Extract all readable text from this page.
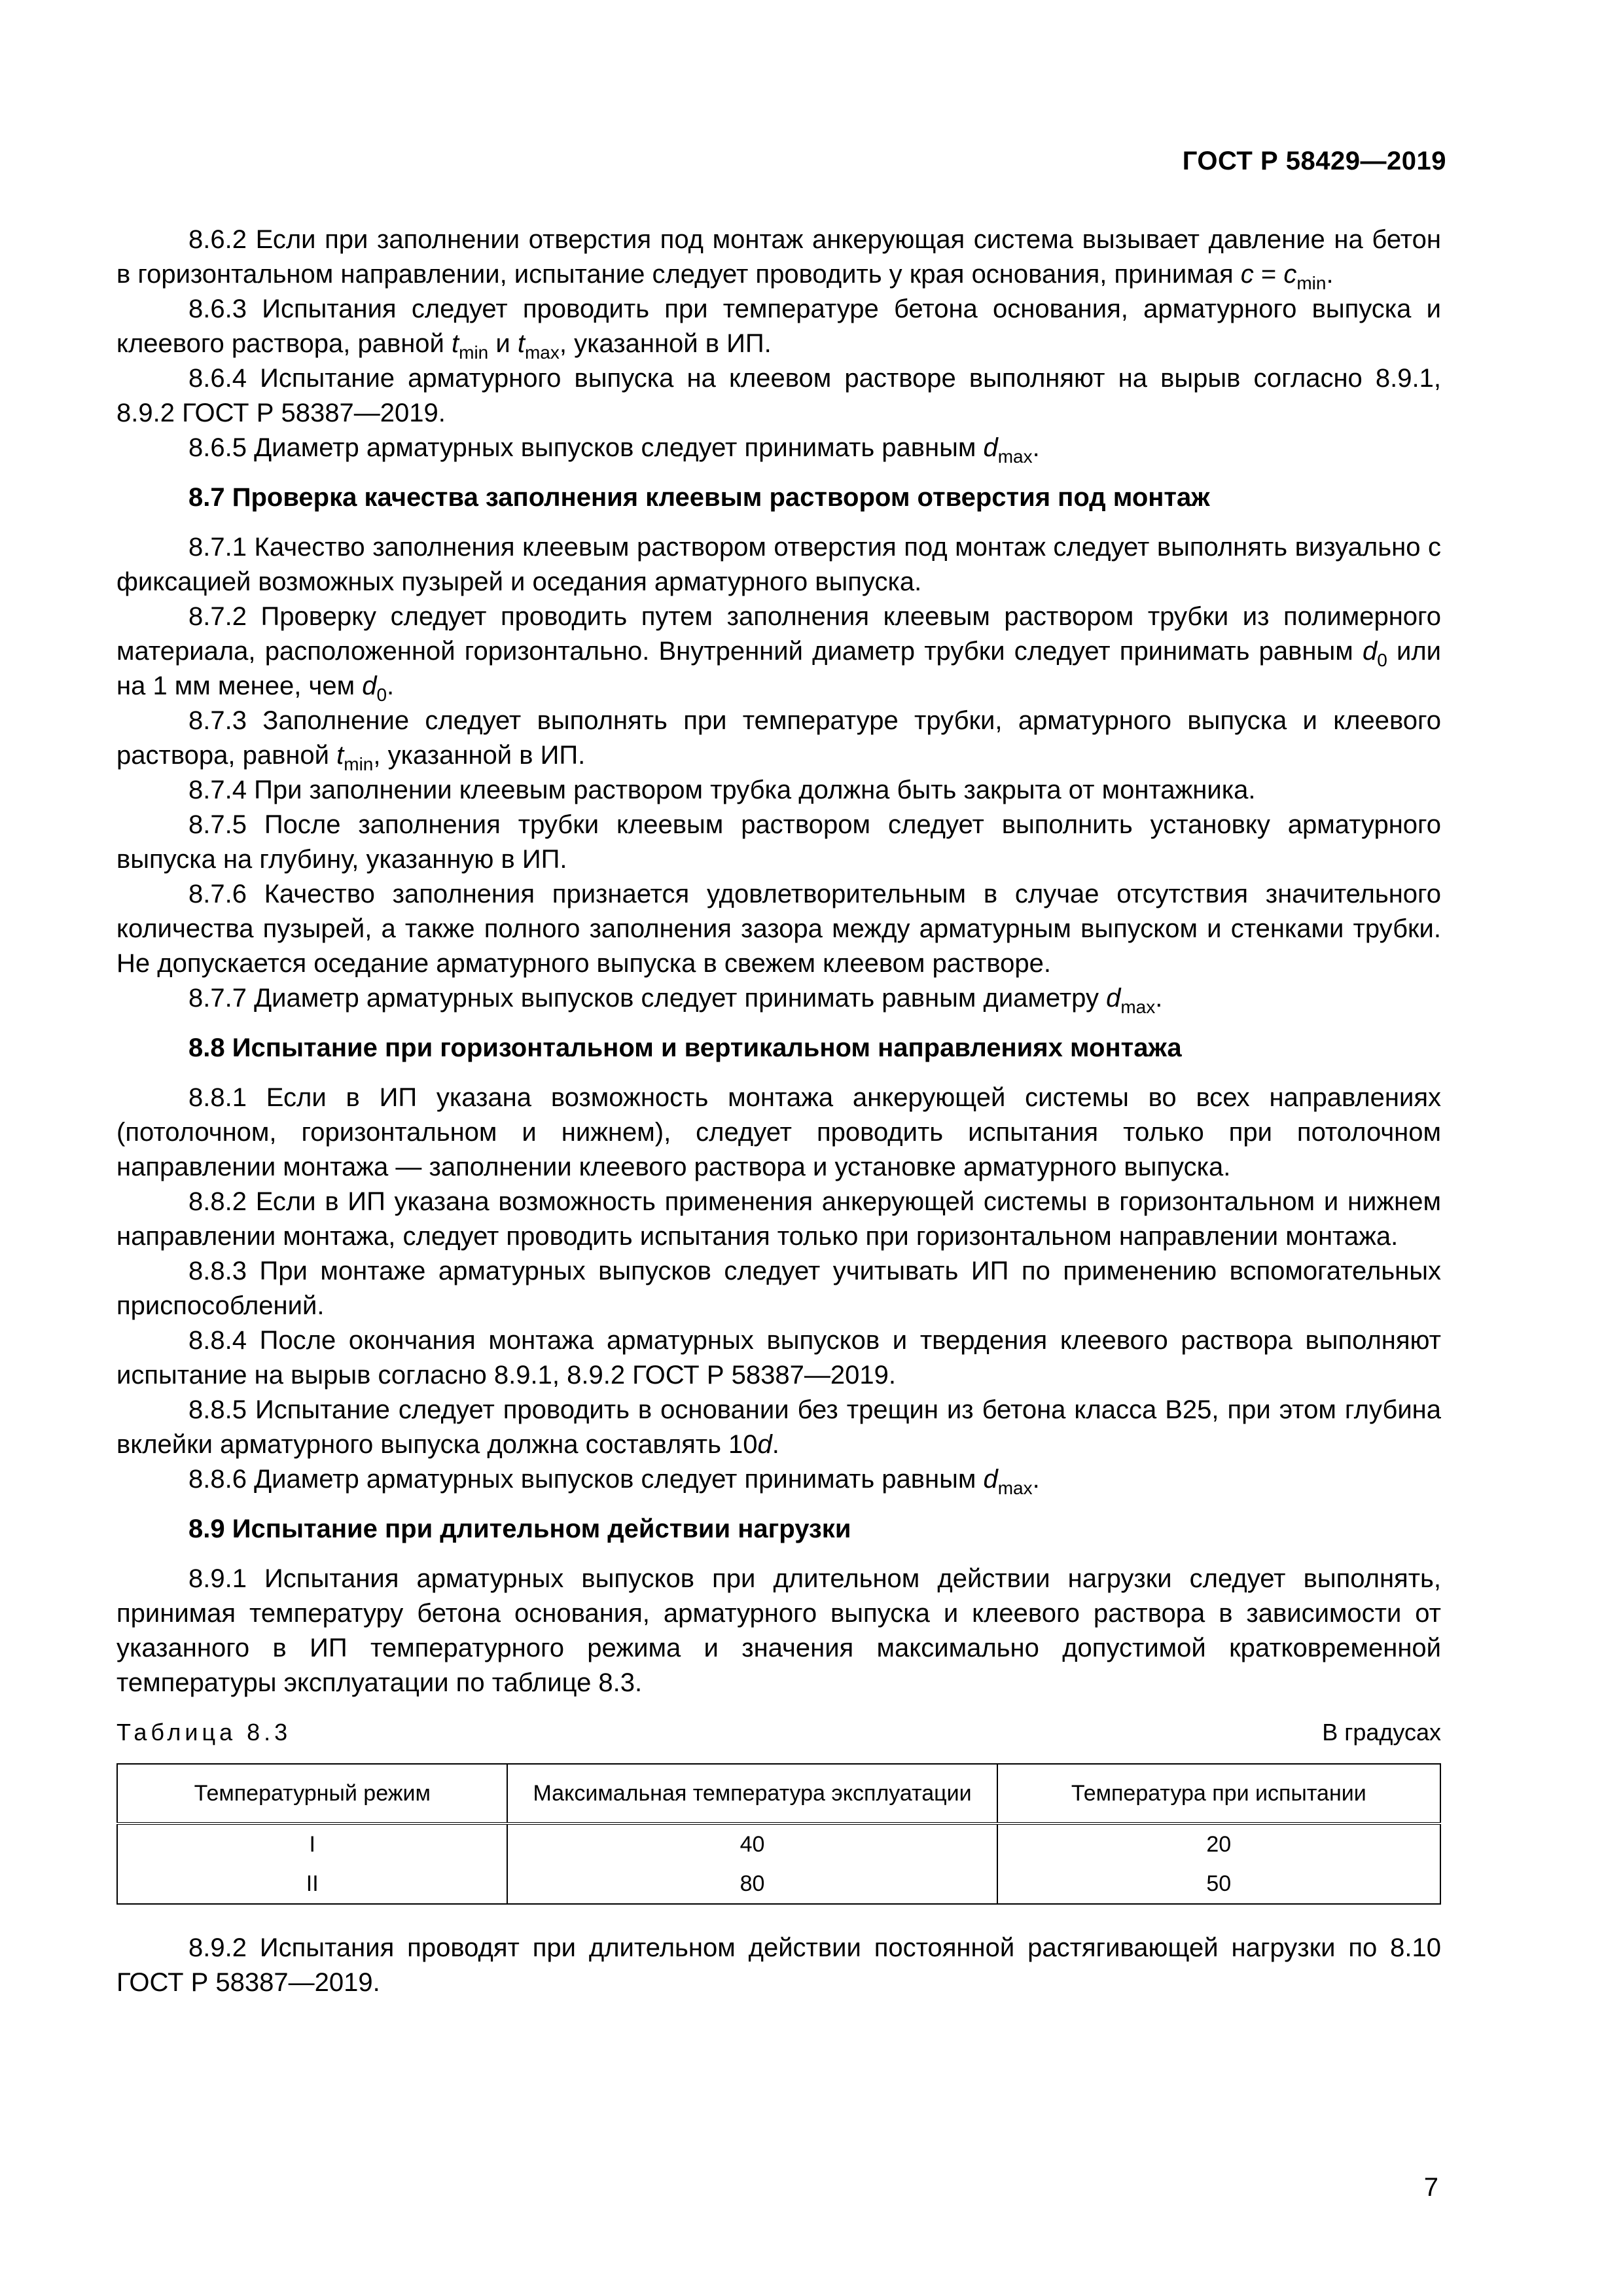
ГОСТ Р 58429—2019

8.6.2 Если при заполнении отверстия под монтаж анкерующая система вызывает давление на бетон в горизонтальном направлении, испытание следует проводить у края основания, принимая $c = c_{min}$.

8.6.3 Испытания следует проводить при температуре бетона основания, арматурного выпуска и клеевого раствора, равной $t_{min}$ и $t_{max}$, указанной в ИП.

8.6.4 Испытание арматурного выпуска на клеевом растворе выполняют на вырыв согласно 8.9.1, 8.9.2 ГОСТ Р 58387—2019.

8.6.5 Диаметр арматурных выпусков следует принимать равным $d_{max}$.

8.7 Проверка качества заполнения клеевым раствором отверстия под монтаж

8.7.1 Качество заполнения клеевым раствором отверстия под монтаж следует выполнять визуально с фиксацией возможных пузырей и оседания арматурного выпуска.

8.7.2 Проверку следует проводить путем заполнения клеевым раствором трубки из полимерного материала, расположенной горизонтально. Внутренний диаметр трубки следует принимать равным $d_0$ или на 1 мм менее, чем $d_0$.

8.7.3 Заполнение следует выполнять при температуре трубки, арматурного выпуска и клеевого раствора, равной $t_{min}$, указанной в ИП.

8.7.4 При заполнении клеевым раствором трубка должна быть закрыта от монтажника.

8.7.5 После заполнения трубки клеевым раствором следует выполнить установку арматурного выпуска на глубину, указанную в ИП.

8.7.6 Качество заполнения признается удовлетворительным в случае отсутствия значительного количества пузырей, а также полного заполнения зазора между арматурным выпуском и стенками трубки. Не допускается оседание арматурного выпуска в свежем клеевом растворе.

8.7.7 Диаметр арматурных выпусков следует принимать равным диаметру $d_{max}$.

8.8 Испытание при горизонтальном и вертикальном направлениях монтажа

8.8.1 Если в ИП указана возможность монтажа анкерующей системы во всех направлениях (потолочном, горизонтальном и нижнем), следует проводить испытания только при потолочном направлении монтажа — заполнении клеевого раствора и установке арматурного выпуска.

8.8.2 Если в ИП указана возможность применения анкерующей системы в горизонтальном и нижнем направлении монтажа, следует проводить испытания только при горизонтальном направлении монтажа.

8.8.3 При монтаже арматурных выпусков следует учитывать ИП по применению вспомогательных приспособлений.

8.8.4 После окончания монтажа арматурных выпусков и твердения клеевого раствора выполняют испытание на вырыв согласно 8.9.1, 8.9.2 ГОСТ Р 58387—2019.

8.8.5 Испытание следует проводить в основании без трещин из бетона класса В25, при этом глубина вклейки арматурного выпуска должна составлять 10d.

8.8.6 Диаметр арматурных выпусков следует принимать равным $d_{max}$.

8.9 Испытание при длительном действии нагрузки

8.9.1 Испытания арматурных выпусков при длительном действии нагрузки следует выполнять, принимая температуру бетона основания, арматурного выпуска и клеевого раствора в зависимости от указанного в ИП температурного режима и значения максимально допустимой кратковременной температуры эксплуатации по таблице 8.3.

Таблица 8.3	В градусах
Температурный режим	Максимальная температура эксплуатации	Температура при испытании
I	40	20
II	80	50

8.9.2 Испытания проводят при длительном действии постоянной растягивающей нагрузки по 8.10 ГОСТ Р 58387—2019.

7
